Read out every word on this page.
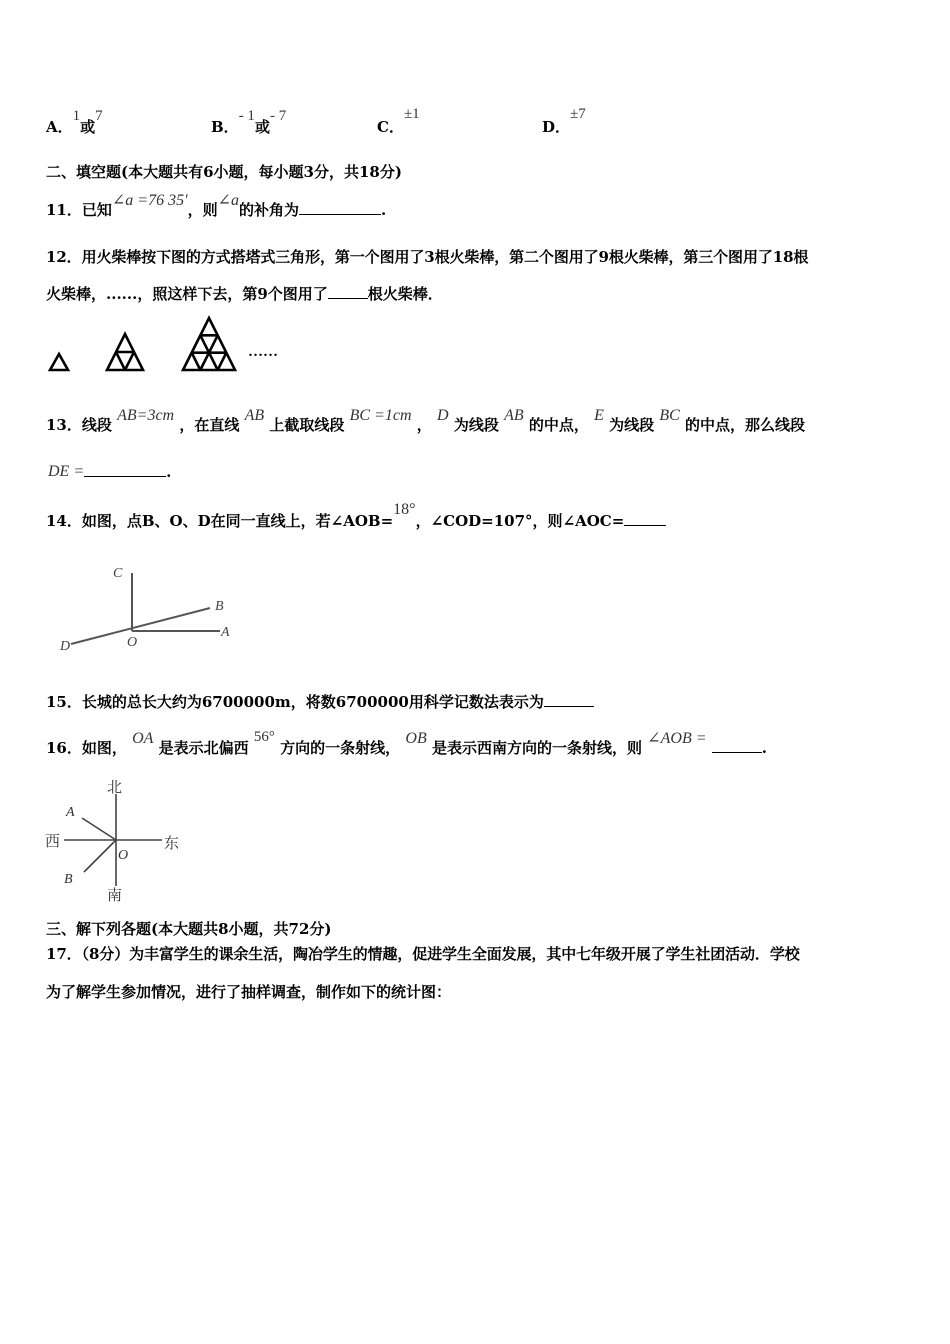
A．1或7
B．- 1或- 7
C．±1
D．±7
二、填空题(本大题共有6小题，每小题3分，共18分)
11．已知∠a =76 35′，则∠a的补角为	.
12．用火柴棒按下图的方式搭塔式三角形，第一个图用了3根火柴棒，第二个图用了9根火柴棒，第三个图用了18根
火柴棒，......，照这样下去，第9个图用了	根火柴棒．
……
13．线段 AB=3cm ，在直线 AB 上截取线段 BC =1cm ， D 为线段 AB 的中点， E 为线段 BC 的中点，那么线段
DE =	.
14．如图，点B、O、D在同一直线上，若∠AOB=18°，∠COD=107°，则∠AOC=
C
B
A
O
D
15．长城的总长大约为6700000m，将数6700000用科学记数法表示为
16．如图， OA 是表示北偏西 56° 方向的一条射线， OB 是表示西南方向的一条射线，则 ∠AOB = .
北
南
西	东
A
B
O
三、解下列各题(本大题共8小题，共72分)
17．（8分）为丰富学生的课余生活，陶冶学生的情趣，促进学生全面发展，其中七年级开展了学生社团活动．学校
为了解学生参加情况，进行了抽样调查，制作如下的统计图：
